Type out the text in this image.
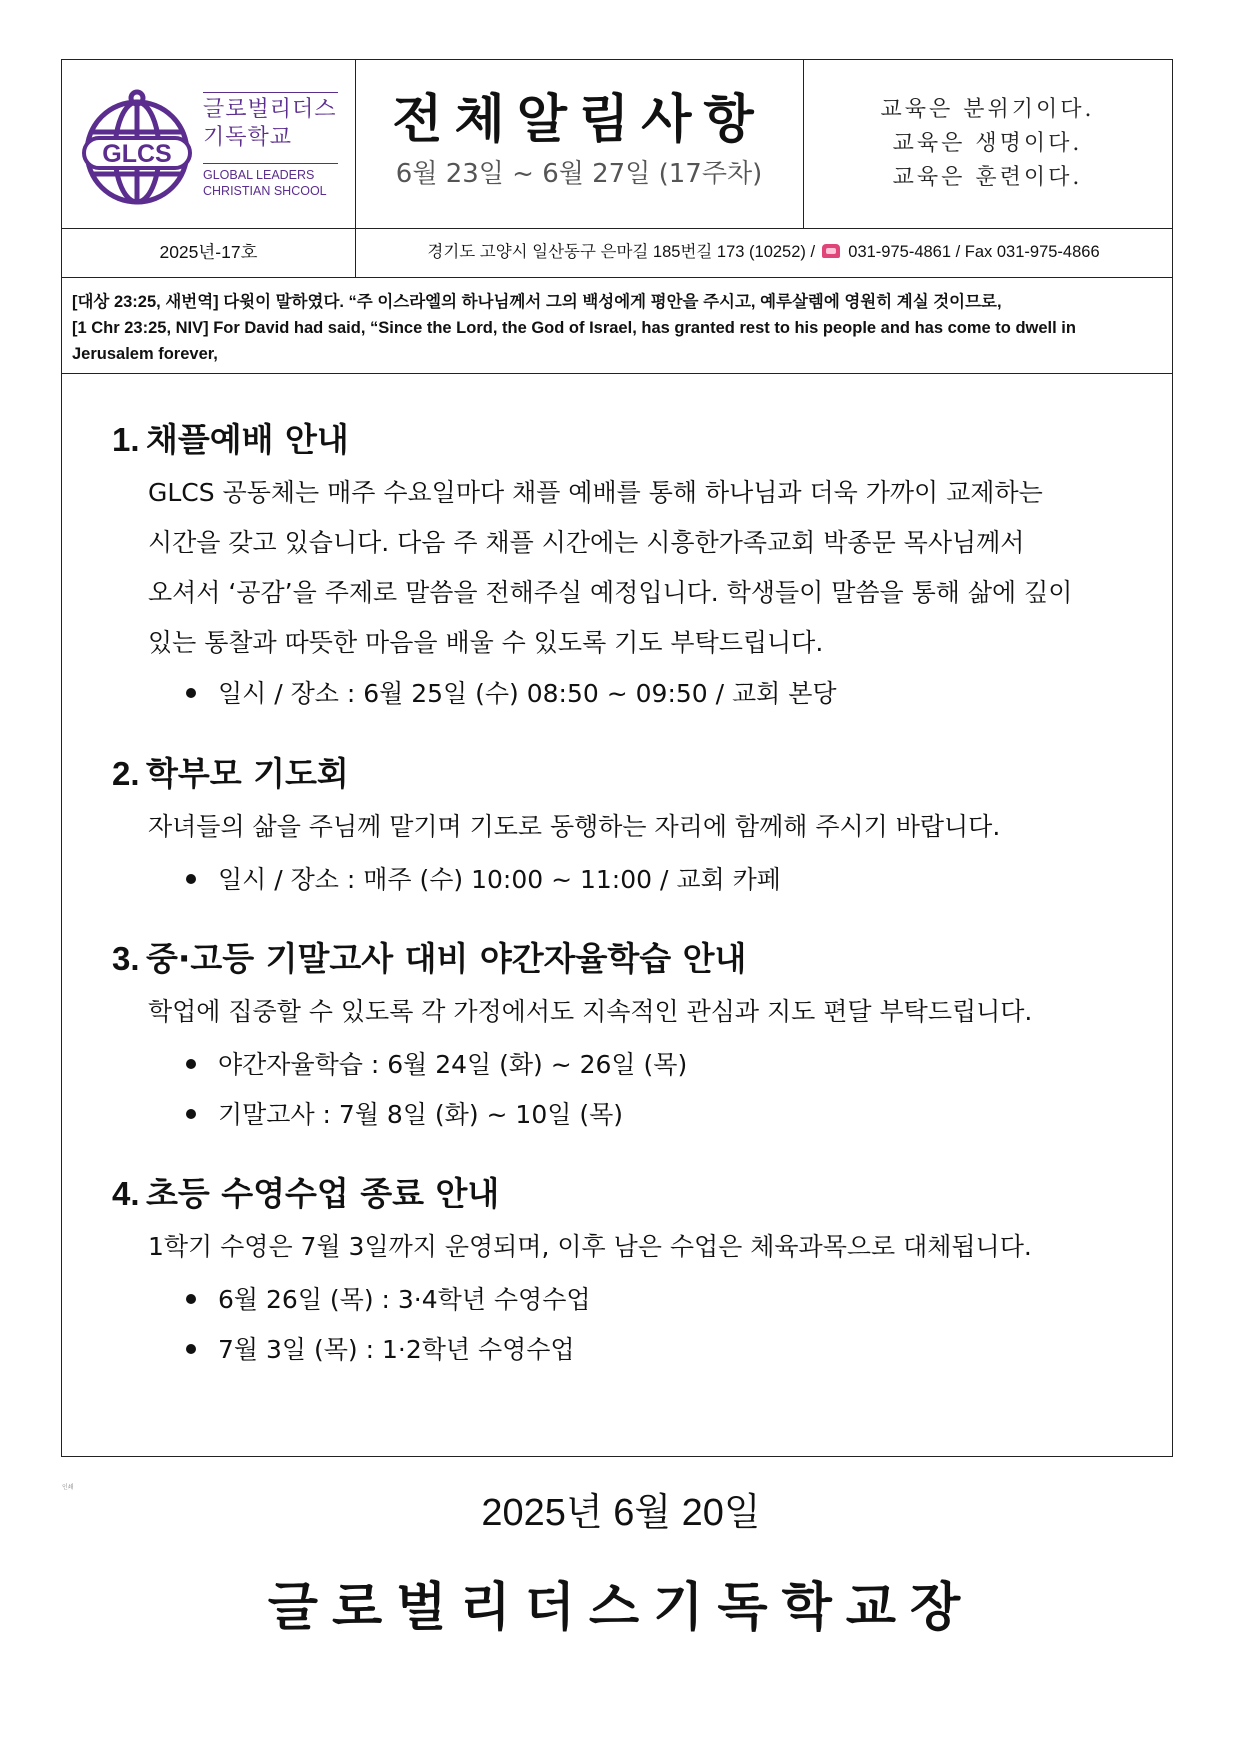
GLCS
글로벌리더스
기독학교
GLOBAL LEADERS
CHRISTIAN SHCOOL
전체알림사항
6월 23일 ~ 6월 27일 (17주차)
교육은 분위기이다.
교육은 생명이다.
교육은 훈련이다.
2025년-17호	경기도 고양시 일산동구 은마길 185번길 173 (10252) / 031-975-4861 / Fax 031-975-4866
[대상 23:25, 새번역] 다윗이 말하였다. “주 이스라엘의 하나님께서 그의 백성에게 평안을 주시고, 예루살렘에 영원히 계실 것이므로,
[1 Chr 23:25, NIV] For David had said, “Since the Lord, the God of Israel, has granted rest to his people and has come to dwell in Jerusalem forever,
1. 채플예배 안내
GLCS 공동체는 매주 수요일마다 채플 예배를 통해 하나님과 더욱 가까이 교제하는
시간을 갖고 있습니다. 다음 주 채플 시간에는 시흥한가족교회 박종문 목사님께서
오셔서 ‘공감’을 주제로 말씀을 전해주실 예정입니다. 학생들이 말씀을 통해 삶에 깊이
있는 통찰과 따뜻한 마음을 배울 수 있도록 기도 부탁드립니다.
일시 / 장소 : 6월 25일 (수) 08:50 ~ 09:50 / 교회 본당
2. 학부모 기도회
자녀들의 삶을 주님께 맡기며 기도로 동행하는 자리에 함께해 주시기 바랍니다.
일시 / 장소 : 매주 (수) 10:00 ~ 11:00 / 교회 카페
3. 중·고등 기말고사 대비 야간자율학습 안내
학업에 집중할 수 있도록 각 가정에서도 지속적인 관심과 지도 편달 부탁드립니다.
야간자율학습 : 6월 24일 (화) ~ 26일 (목)
기말고사 : 7월 8일 (화) ~ 10일 (목)
4. 초등 수영수업 종료 안내
1학기 수영은 7월 3일까지 운영되며, 이후 남은 수업은 체육과목으로 대체됩니다.
6월 26일 (목) : 3·4학년 수영수업
7월 3일 (목) : 1·2학년 수영수업
인쇄
2025년 6월 20일
글로벌리더스기독학교장
